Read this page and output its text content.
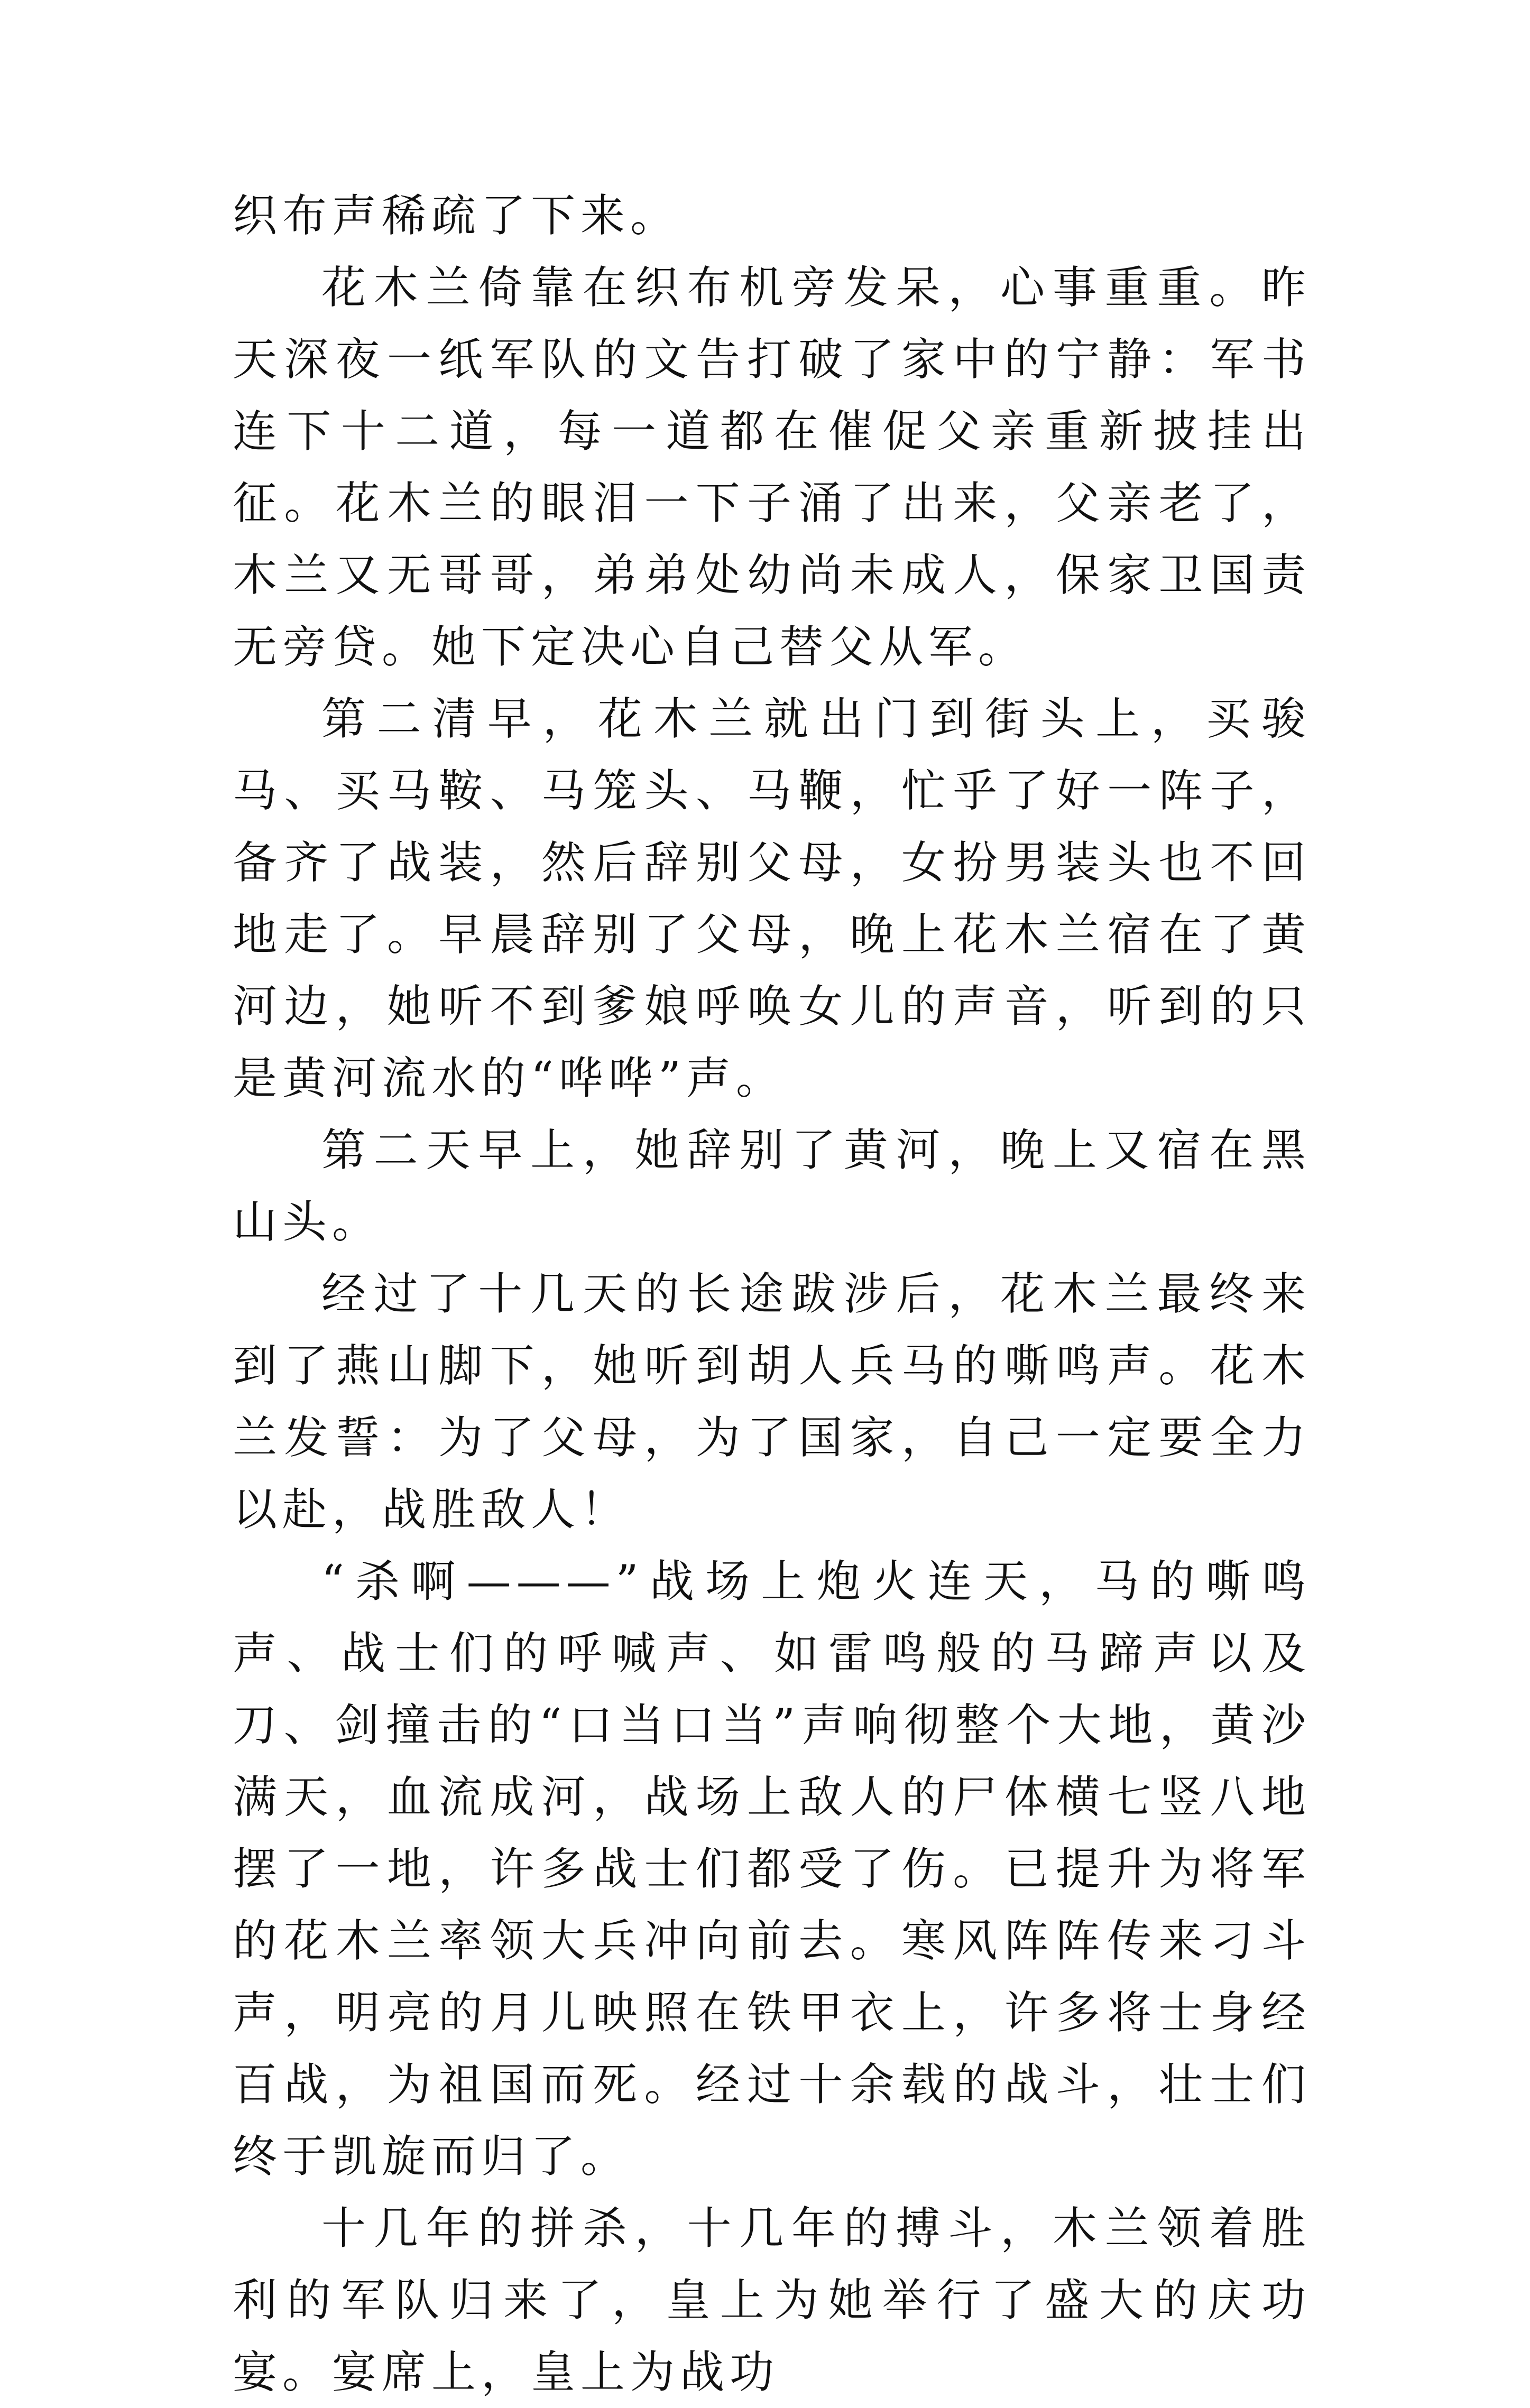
织布声稀疏了下来。

花木兰倚靠在织布机旁发呆，心事重重。昨天深夜一纸军队的文告打破了家中的宁静：军书连下十二道，每一道都在催促父亲重新披挂出征。花木兰的眼泪一下子涌了出来，父亲老了，木兰又无哥哥，弟弟处幼尚未成人，保家卫国责无旁贷。她下定决心自己替父从军。

第二清早，花木兰就出门到街头上，买骏马、买马鞍、马笼头、马鞭，忙乎了好一阵子，备齐了战装，然后辞别父母，女扮男装头也不回地走了。早晨辞别了父母，晚上花木兰宿在了黄河边，她听不到爹娘呼唤女儿的声音，听到的只是黄河流水的“哗哗”声。

第二天早上，她辞别了黄河，晚上又宿在黑山头。

经过了十几天的长途跋涉后，花木兰最终来到了燕山脚下，她听到胡人兵马的嘶鸣声。花木兰发誓：为了父母，为了国家，自己一定要全力以赴，战胜敌人！

“杀啊———”战场上炮火连天，马的嘶鸣声、战士们的呼喊声、如雷鸣般的马蹄声以及刀、剑撞击的“口当口当”声响彻整个大地，黄沙满天，血流成河，战场上敌人的尸体横七竖八地摆了一地，许多战士们都受了伤。已提升为将军的花木兰率领大兵冲向前去。寒风阵阵传来刁斗声，明亮的月儿映照在铁甲衣上，许多将士身经百战，为祖国而死。经过十余载的战斗，壮士们终于凯旋而归了。

十几年的拼杀，十几年的搏斗，木兰领着胜利的军队归来了，皇上为她举行了盛大的庆功宴。宴席上，皇上为战功
